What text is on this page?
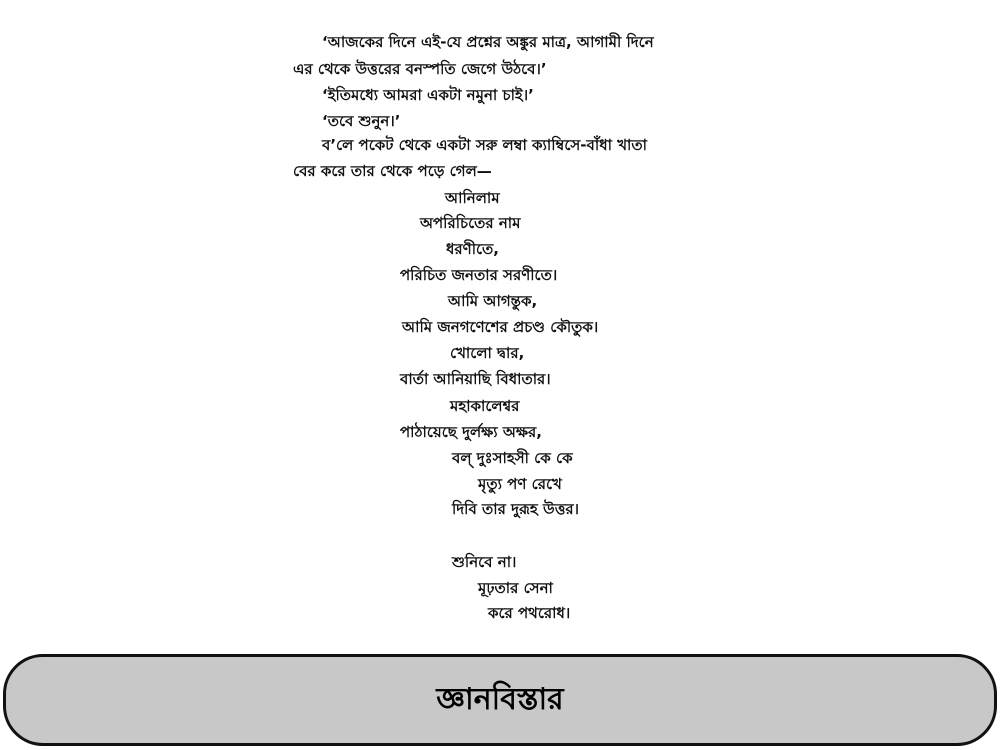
‘আজকের দিনে এই-যে প্রশ্নের অঙ্কুর মাত্র, আগামী দিনে
এর থেকে উত্তরের বনস্পতি জেগে উঠবে।’
‘ইতিমধ্যে আমরা একটা নমুনা চাই।’
‘তবে শুনুন।’
ব’লে পকেট থেকে একটা সরু লম্বা ক্যাম্বিসে-বাঁধা খাতা
বের করে তার থেকে পড়ে গেল—
আনিলাম
অপরিচিতের নাম
ধরণীতে,
পরিচিত জনতার সরণীতে।
আমি আগন্তুক,
আমি জনগণেশের প্রচণ্ড কৌতুক।
খোলো দ্বার,
বার্তা আনিয়াছি বিধাতার।
মহাকালেশ্বর
পাঠায়েছে দুর্লক্ষ্য অক্ষর,
বল্ দুঃসাহসী কে কে
মৃত্যু পণ রেখে
দিবি তার দুরূহ উত্তর।
শুনিবে না।
মূঢ়তার সেনা
করে পথরোধ।
জ্ঞানবিস্তার
